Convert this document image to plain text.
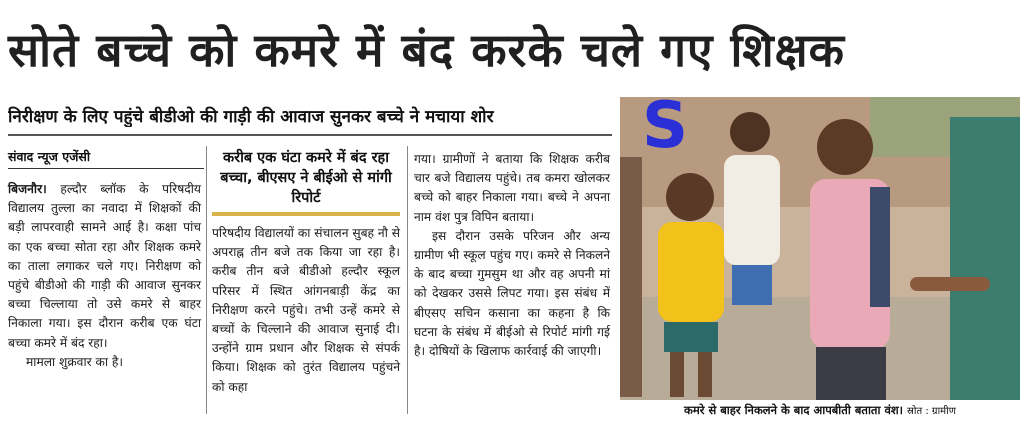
सोते बच्चे को कमरे में बंद करके चले गए शिक्षक
निरीक्षण के लिए पहुंचे बीडीओ की गाड़ी की आवाज सुनकर बच्चे ने मचाया शोर
संवाद न्यूज एजेंसी

बिजनौर। हल्दौर ब्लॉक के परिषदीय विद्यालय तुल्ला का नवादा में शिक्षकों की बड़ी लापरवाही सामने आई है। कक्षा पांच का एक बच्चा सोता रहा और शिक्षक कमरे का ताला लगाकर चले गए। निरीक्षण को पहुंचे बीडीओ की गाड़ी की आवाज सुनकर बच्चा चिल्लाया तो उसे कमरे से बाहर निकाला गया। इस दौरान करीब एक घंटा बच्चा कमरे में बंद रहा।

मामला शुक्रवार का है।

करीब एक घंटा कमरे में बंद रहा बच्चा, बीएसए ने बीईओ से मांगी रिपोर्ट

परिषदीय विद्यालयों का संचालन सुबह नौ से अपराह्न तीन बजे तक किया जा रहा है। करीब तीन बजे बीडीओ हल्दौर स्कूल परिसर में स्थित आंगनबाड़ी केंद्र का निरीक्षण करने पहुंचे। तभी उन्हें कमरे से बच्चों के चिल्लाने की आवाज सुनाई दी। उन्होंने ग्राम प्रधान और शिक्षक से संपर्क किया। शिक्षक को तुरंत विद्यालय पहुंचने को कहा

गया। ग्रामीणों ने बताया कि शिक्षक करीब चार बजे विद्यालय पहुंचे। तब कमरा खोलकर बच्चे को बाहर निकाला गया। बच्चे ने अपना नाम वंश पुत्र विपिन बताया।

इस दौरान उसके परिजन और अन्य ग्रामीण भी स्कूल पहुंच गए। कमरे से निकलने के बाद बच्चा गुमसुम था और वह अपनी मां को देखकर उससे लिपट गया। इस संबंध में बीएसए सचिन कसाना का कहना है कि घटना के संबंध में बीईओ से रिपोर्ट मांगी गई है। दोषियों के खिलाफ कार्रवाई की जाएगी।

S
कमरे से बाहर निकलने के बाद आपबीती बताता वंश। स्रोत : ग्रामीण
